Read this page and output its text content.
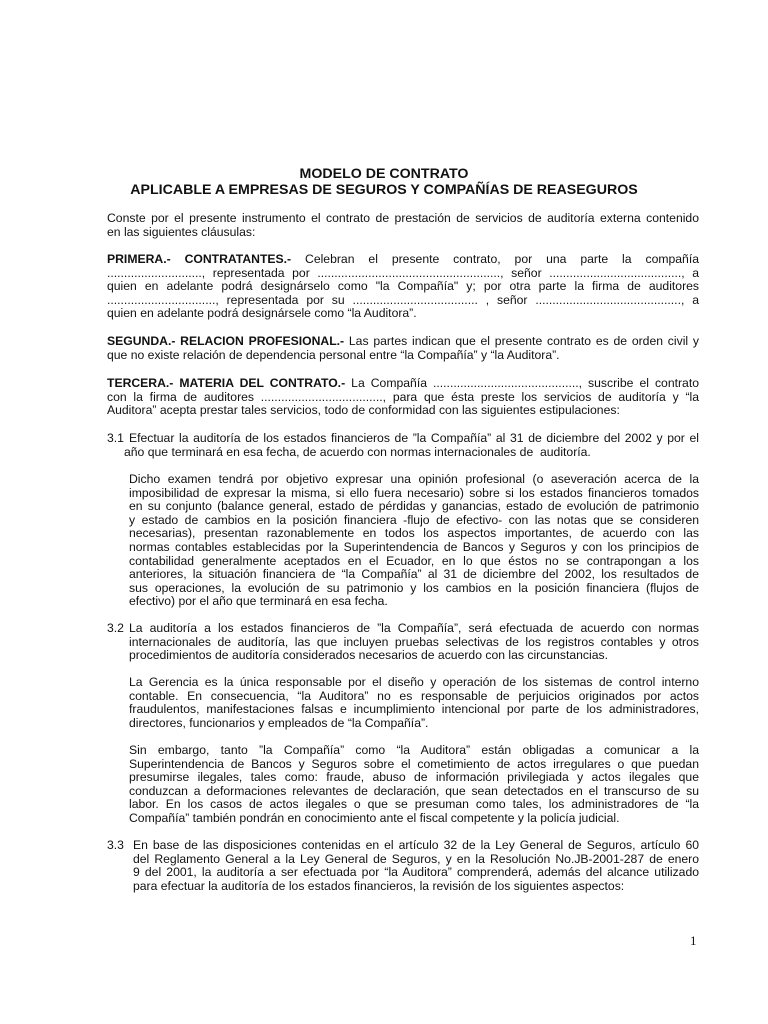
MODELO DE CONTRATO
APLICABLE A EMPRESAS DE SEGUROS Y COMPAÑÍAS DE REASEGUROS
Conste por el presente instrumento el contrato de prestación de servicios de auditoría externa contenido
en las siguientes cláusulas:
PRIMERA.- CONTRATANTES.- Celebran el presente contrato, por una parte la compañía
............................, representada por ......................................................, señor ......................................., a
quien en adelante podrá designárselo como "la Compañía" y; por otra parte la firma de auditores
................................, representada por su ..................................... , señor ..........................................., a
quien en adelante podrá designársele como “la Auditora”.
SEGUNDA.- RELACION PROFESIONAL.- Las partes indican que el presente contrato es de orden civil y
que no existe relación de dependencia personal entre “la Compañía” y “la Auditora”.
TERCERA.- MATERIA DEL CONTRATO.- La Compañía ..........................................., suscribe el contrato
con la firma de auditores ...................................., para que ésta preste los servicios de auditoría y “la
Auditora” acepta prestar tales servicios, todo de conformidad con las siguientes estipulaciones:
3.1 Efectuar la auditoría de los estados financieros de ”la Compañía” al 31 de diciembre del 2002 y por el
año que terminará en esa fecha, de acuerdo con normas internacionales de  auditoría.
Dicho examen tendrá por objetivo expresar una opinión profesional (o aseveración acerca de la
imposibilidad de expresar la misma, si ello fuera necesario) sobre si los estados financieros tomados
en su conjunto (balance general, estado de pérdidas y ganancias, estado de evolución de patrimonio
y estado de cambios en la posición financiera -flujo de efectivo- con las notas que se consideren
necesarias), presentan razonablemente en todos los aspectos importantes, de acuerdo con las
normas contables establecidas por la Superintendencia de Bancos y Seguros y con los principios de
contabilidad generalmente aceptados en el Ecuador, en lo que éstos no se contrapongan a los
anteriores, la situación financiera de “la Compañía” al 31 de diciembre del 2002, los resultados de
sus operaciones, la evolución de su patrimonio y los cambios en la posición financiera (flujos de
efectivo) por el año que terminará en esa fecha.
3.2 La auditoría a los estados financieros de ”la Compañía”, será efectuada de acuerdo con normas
internacionales de auditoría, las que incluyen pruebas selectivas de los registros contables y otros
procedimientos de auditoría considerados necesarios de acuerdo con las circunstancias.
La Gerencia es la única responsable por el diseño y operación de los sistemas de control interno
contable. En consecuencia, “la Auditora” no es responsable de perjuicios originados por actos
fraudulentos, manifestaciones falsas e incumplimiento intencional por parte de los administradores,
directores, funcionarios y empleados de “la Compañía”.
Sin embargo, tanto ”la Compañía” como “la Auditora” están obligadas a comunicar a la
Superintendencia de Bancos y Seguros sobre el cometimiento de actos irregulares o que puedan
presumirse ilegales, tales como: fraude, abuso de información privilegiada y actos ilegales que
conduzcan a deformaciones relevantes de declaración, que sean detectados en el transcurso de su
labor. En los casos de actos ilegales o que se presuman como tales, los administradores de “la
Compañía” también pondrán en conocimiento ante el fiscal competente y la policía judicial.
3.3 En base de las disposiciones contenidas en el artículo 32 de la Ley General de Seguros, artículo 60
del Reglamento General a la Ley General de Seguros, y en la Resolución No.JB-2001-287 de enero
9 del 2001, la auditoría a ser efectuada por “la Auditora” comprenderá, además del alcance utilizado
para efectuar la auditoría de los estados financieros, la revisión de los siguientes aspectos:
1
